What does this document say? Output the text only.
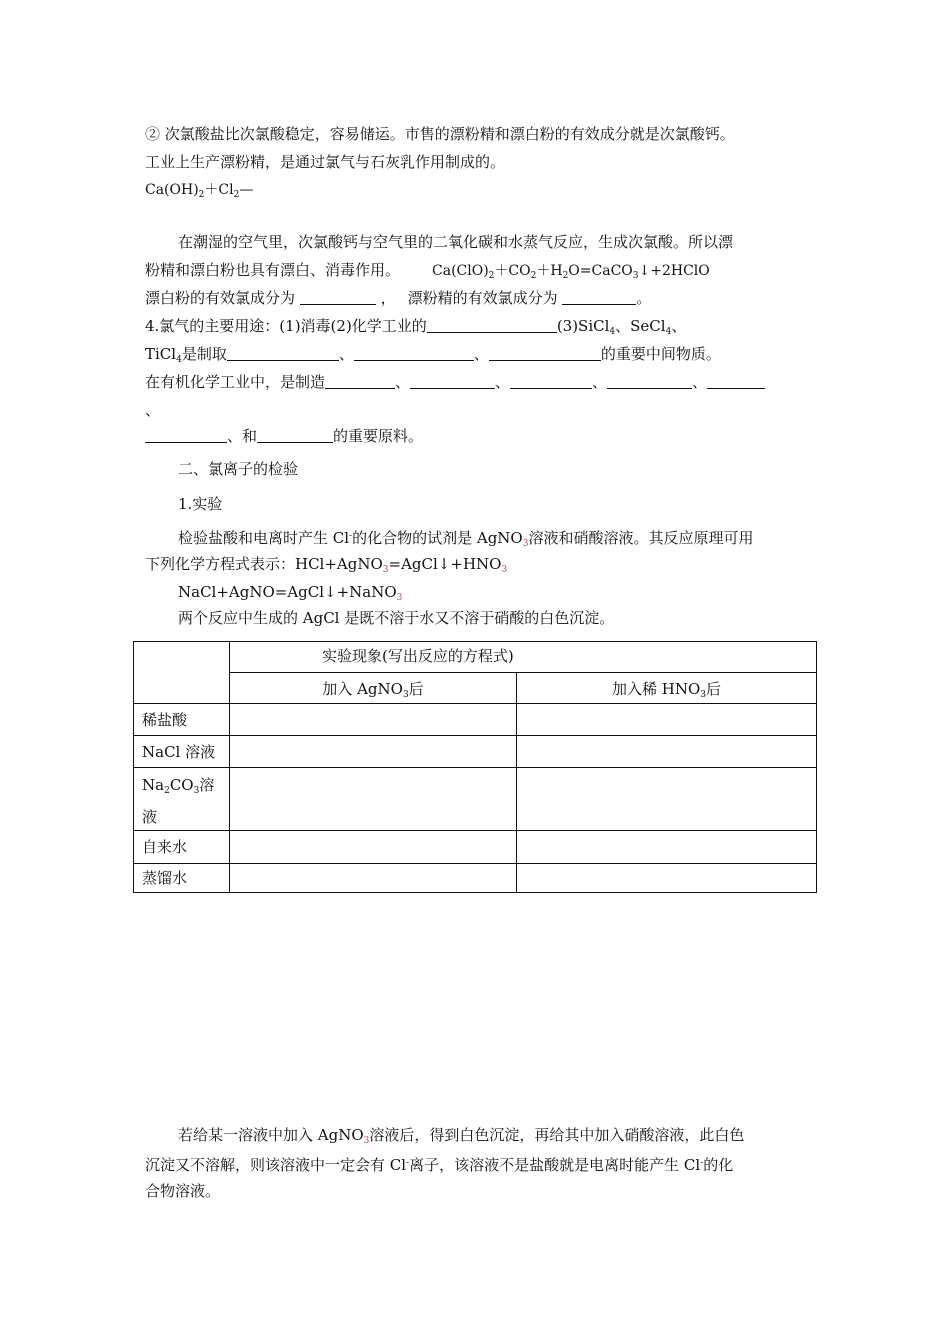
② 次氯酸盐比次氯酸稳定，容易储运。市售的漂粉精和漂白粉的有效成分就是次氯酸钙。
工业上生产漂粉精，是通过氯气与石灰乳作用制成的。
$Ca(OH)_2+Cl_2—$
在潮湿的空气里，次氯酸钙与空气里的二氧化碳和水蒸气反应，生成次氯酸。所以漂
粉精和漂白粉也具有漂白、消毒作用。 $Ca(ClO)_2+CO_2+H_2O=CaCO_3↓+2HClO$
漂白粉的有效氯成分为	， 漂粉精的有效氯成分为	。
4.氯气的主要用途：(1)消毒(2)化学工业的	(3)SiCl$_4$、SeCl$_4$、
TiCl$_4$是制取	、	、	的重要中间物质。
在有机化学工业中，是制造	、	、	、	、
、
、和	的重要原料。
二、氯离子的检验
1.实验
检验盐酸和电离时产生 Cl-的化合物的试剂是 AgNO$_3$溶液和硝酸溶液。其反应原理可用
下列化学方程式表示：$HCl+AgNO_3=AgCl↓+HNO_3$
NaCl+AgNO=AgCl↓+NaNO$_3$
两个反应中生成的 AgCl 是既不溶于水又不溶于硝酸的白色沉淀。
	实验现象(写出反应的方程式)	
	加入 AgNO$_3$后	加入稀 $HNO_3$后
稀盐酸		
NaCl 溶液		
$Na_2CO_3$溶
液		
自来水		
蒸馏水		
若给某一溶液中加入 AgNO$_3$溶液后，得到白色沉淀，再给其中加入硝酸溶液，此白色
沉淀又不溶解，则该溶液中一定会有 Cl-离子，该溶液不是盐酸就是电离时能产生 Cl-的化
合物溶液。
